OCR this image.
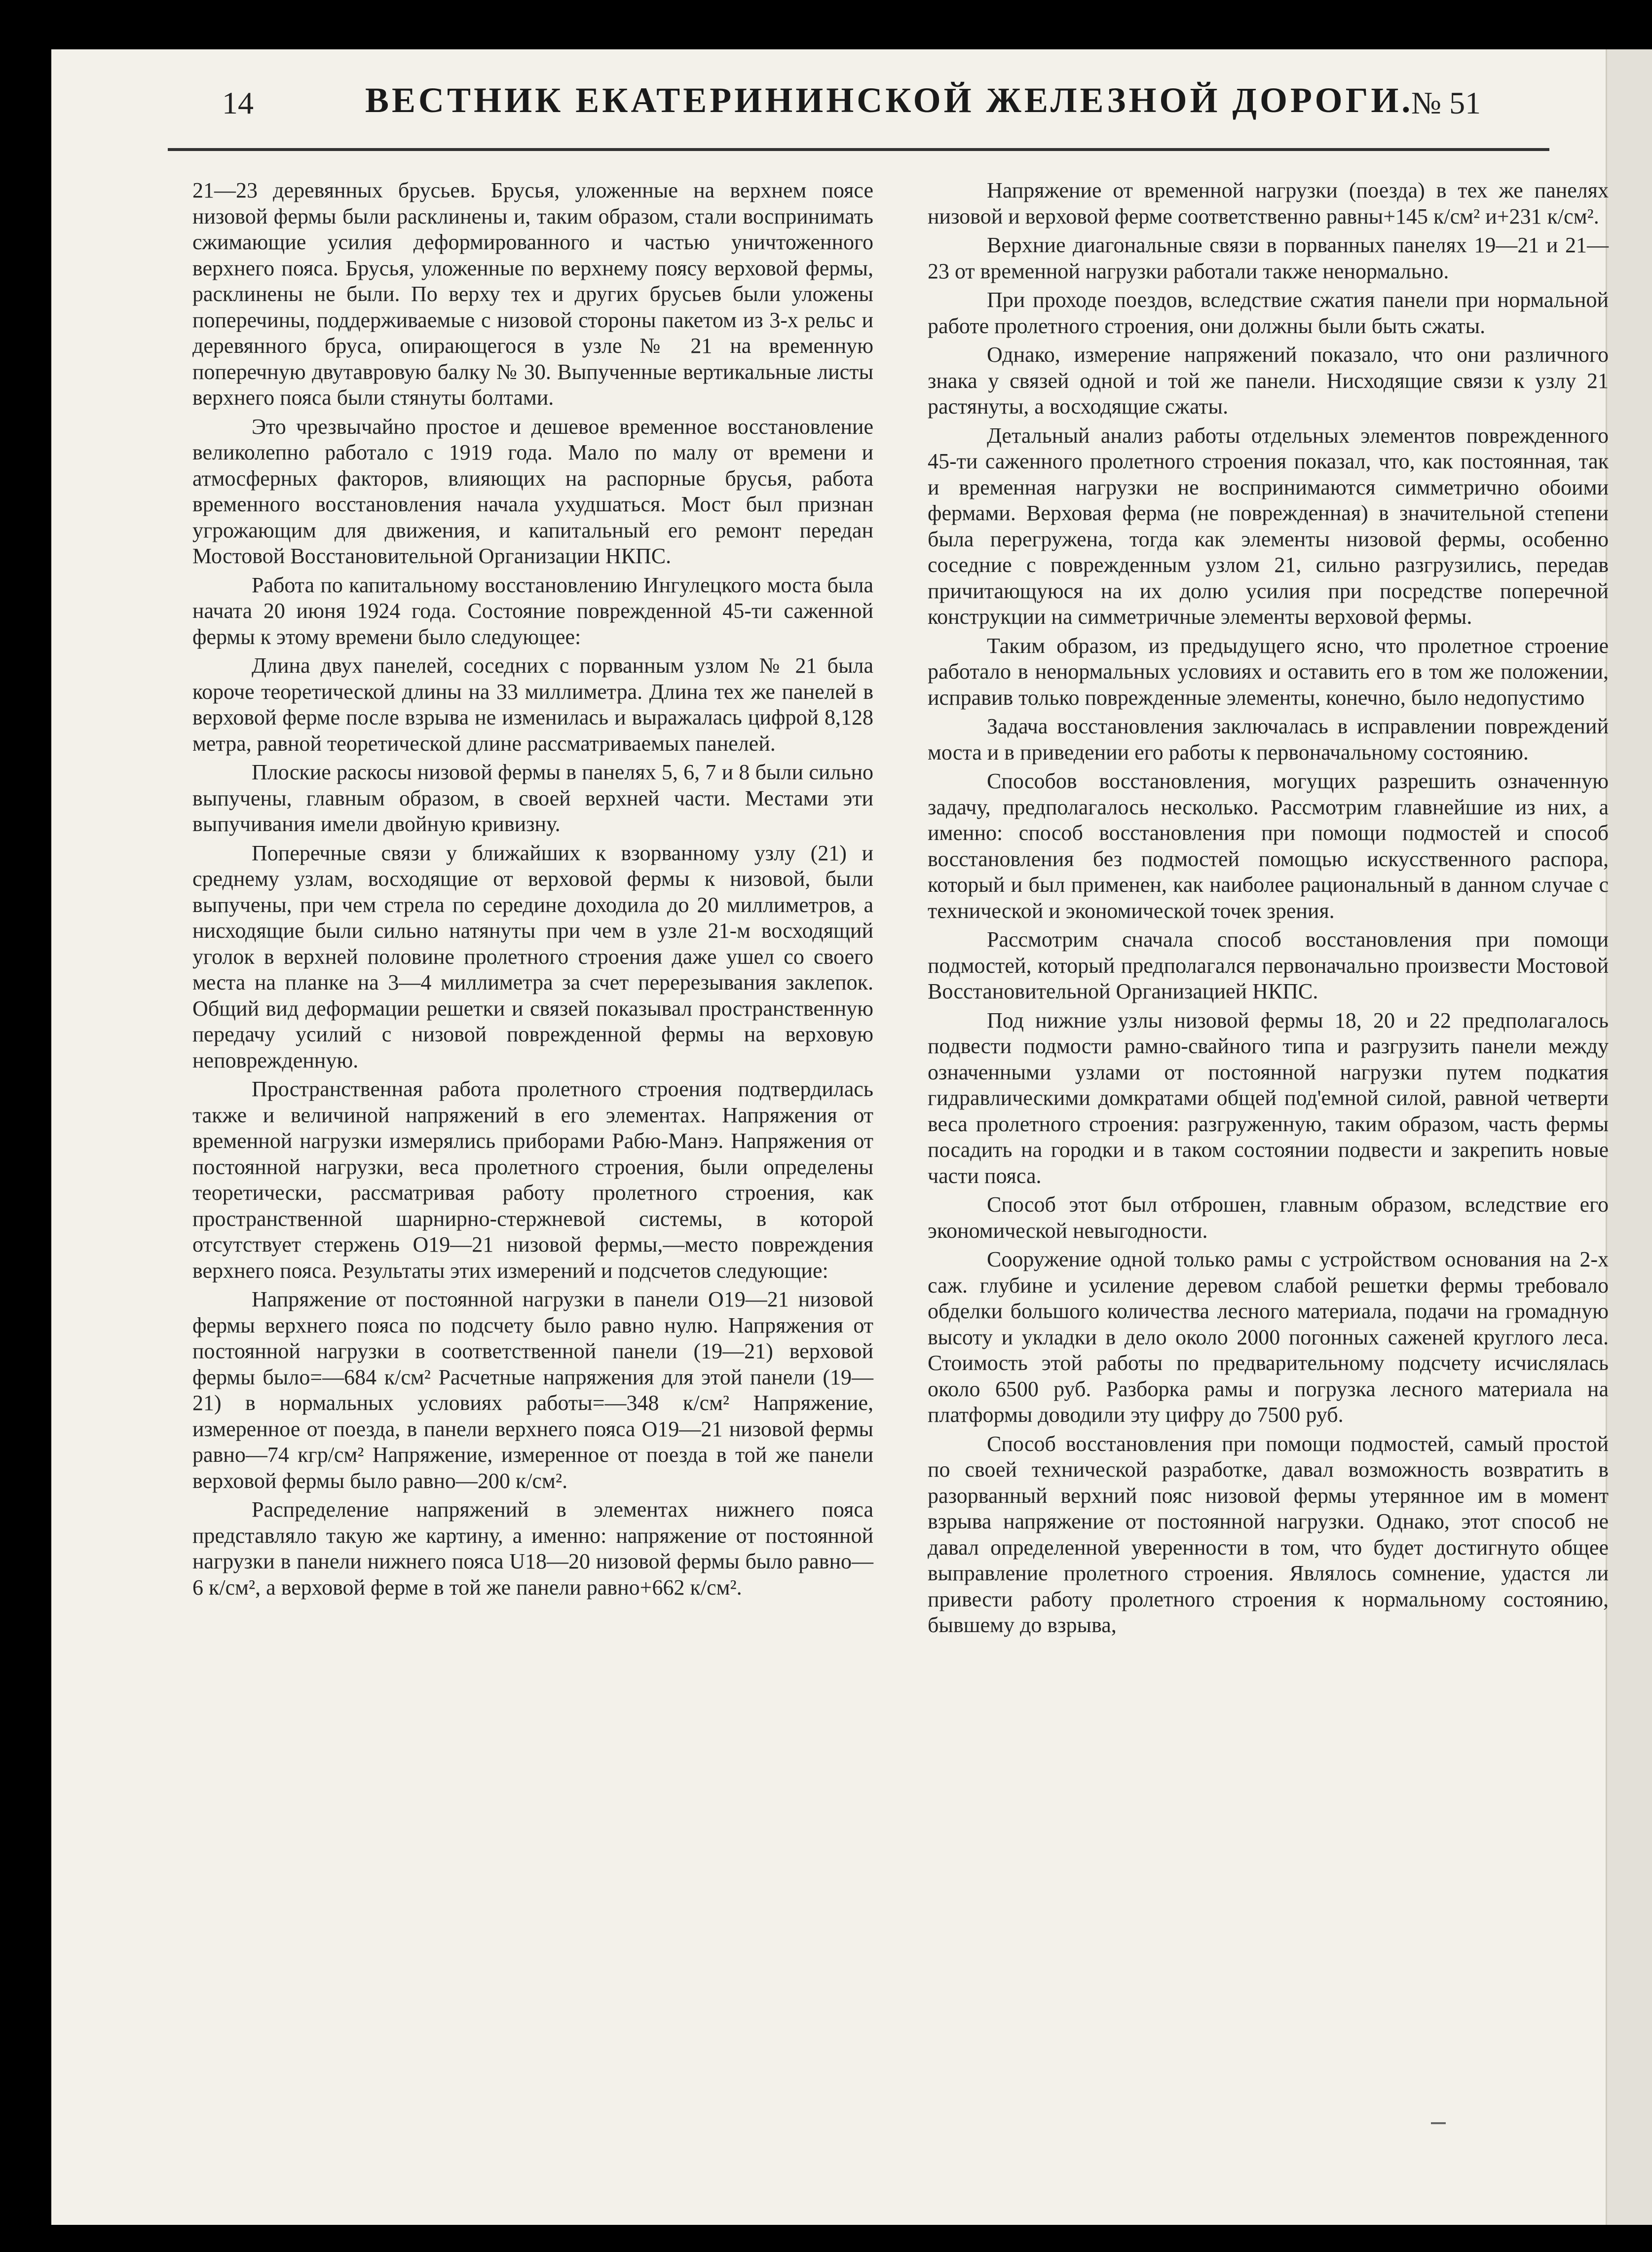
14	ВЕСТНИК ЕКАТЕРИНИНСКОЙ ЖЕЛЕЗНОЙ ДОРОГИ.
№ 51

21—23 деревянных брусьев. Брусья, уложенные на верхнем поясе низовой фермы были расклинены и, таким образом, стали воспринимать сжимающие усилия деформированного и частью уничтоженного верхнего пояса. Брусья, уложенные по верхнему поясу верховой фермы, расклинены не были. По верху тех и других брусьев были уложены поперечины, поддерживаемые с низовой стороны пакетом из 3-х рельс и деревянного бруса, опирающегося в узле № 21 на временную поперечную двутавровую балку № 30. Выпученные вертикальные листы верхнего пояса были стянуты болтами.

Это чрезвычайно простое и дешевое временное восстановление великолепно работало с 1919 года. Мало по малу от времени и атмосферных факторов, влияющих на распорные брусья, работа временного восстановления начала ухудшаться. Мост был признан угрожающим для движения, и капитальный его ремонт передан Мостовой Восстановительной Организации НКПС.

Работа по капитальному восстановлению Ингулецкого моста была начата 20 июня 1924 года. Состояние поврежденной 45-ти саженной фермы к этому времени было следующее:

Длина двух панелей, соседних с порванным узлом № 21 была короче теоретической длины на 33 миллиметра. Длина тех же панелей в верховой ферме после взрыва не изменилась и выражалась цифрой 8,128 метра, равной теоретической длине рассматриваемых панелей.

Плоские раскосы низовой фермы в панелях 5, 6, 7 и 8 были сильно выпучены, главным образом, в своей верхней части. Местами эти выпучивания имели двойную кривизну.

Поперечные связи у ближайших к взорванному узлу (21) и среднему узлам, восходящие от верховой фермы к низовой, были выпучены, при чем стрела по середине доходила до 20 миллиметров, а нисходящие были сильно натянуты при чем в узле 21-м восходящий уголок в верхней половине пролетного строения даже ушел со своего места на планке на 3—4 миллиметра за счет перерезывания заклепок. Общий вид деформации решетки и связей показывал пространственную передачу усилий с низовой поврежденной фермы на верховую неповрежденную.

Пространственная работа пролетного строения подтвердилась также и величиной напряжений в его элементах. Напряжения от временной нагрузки измерялись приборами Рабю-Манэ. Напряжения от постоянной нагрузки, веса пролетного строения, были определены теоретически, рассматривая работу пролетного строения, как пространственной шарнирно-стержневой системы, в которой отсутствует стержень O19—21 низовой фермы,—место повреждения верхнего пояса. Результаты этих измерений и подсчетов следующие:

Напряжение от постоянной нагрузки в панели O19—21 низовой фермы верхнего пояса по подсчету было равно нулю. Напряжения от постоянной нагрузки в соответственной панели (19—21) верховой фермы было=—684 к/см² Расчетные напряжения для этой панели (19—21) в нормальных условиях работы=—348 к/см² Напряжение, измеренное от поезда, в панели верхнего пояса O19—21 низовой фермы равно—74 кгр/см² Напряжение, измеренное от поезда в той же панели верховой фермы было равно—200 к/см².

Распределение напряжений в элементах нижнего пояса представляло такую же картину, а именно: напряжение от постоянной нагрузки в панели нижнего пояса U18—20 низовой фермы было равно—6 к/см², а верховой ферме в той же панели равно+662 к/см².

Напряжение от временной нагрузки (поезда) в тех же панелях низовой и верховой ферме соответственно равны+145 к/см² и+231 к/см².

Верхние диагональные связи в порванных панелях 19—21 и 21—23 от временной нагрузки работали также ненормально.

При проходе поездов, вследствие сжатия панели при нормальной работе пролетного строения, они должны были быть сжаты.

Однако, измерение напряжений показало, что они различного знака у связей одной и той же панели. Нисходящие связи к узлу 21 растянуты, а восходящие сжаты.

Детальный анализ работы отдельных элементов поврежденного 45-ти саженного пролетного строения показал, что, как постоянная, так и временная нагрузки не воспринимаются симметрично обоими фермами. Верховая ферма (не поврежденная) в значительной степени была перегружена, тогда как элементы низовой фермы, особенно соседние с поврежденным узлом 21, сильно разгрузились, передав причитающуюся на их долю усилия при посредстве поперечной конструкции на симметричные элементы верховой фермы.

Таким образом, из предыдущего ясно, что пролетное строение работало в ненормальных условиях и оставить его в том же положении, исправив только поврежденные элементы, конечно, было недопустимо

Задача восстановления заключалась в исправлении повреждений моста и в приведении его работы к первоначальному состоянию.

Способов восстановления, могущих разрешить означенную задачу, предполагалось несколько. Рассмотрим главнейшие из них, а именно: способ восстановления при помощи подмостей и способ восстановления без подмостей помощью искусственного распора, который и был применен, как наиболее рациональный в данном случае с технической и экономической точек зрения.

Рассмотрим сначала способ восстановления при помощи подмостей, который предполагался первоначально произвести Мостовой Восстановительной Организацией НКПС.

Под нижние узлы низовой фермы 18, 20 и 22 предполагалось подвести подмости рамно-свайного типа и разгрузить панели между означенными узлами от постоянной нагрузки путем подкатия гидравлическими домкратами общей под'емной силой, равной четверти веса пролетного строения: разгруженную, таким образом, часть фермы посадить на городки и в таком состоянии подвести и закрепить новые части пояса.

Способ этот был отброшен, главным образом, вследствие его экономической невыгодности.

Сооружение одной только рамы с устройством основания на 2-х саж. глубине и усиление деревом слабой решетки фермы требовало обделки большого количества лесного материала, подачи на громадную высоту и укладки в дело около 2000 погонных саженей круглого леса. Стоимость этой работы по предварительному подсчету исчислялась около 6500 руб. Разборка рамы и погрузка лесного материала на платформы доводили эту цифру до 7500 руб.

Способ восстановления при помощи подмостей, самый простой по своей технической разработке, давал возможность возвратить в разорванный верхний пояс низовой фермы утерянное им в момент взрыва напряжение от постоянной нагрузки. Однако, этот способ не давал определенной уверенности в том, что будет достигнуто общее выправление пролетного строения. Являлось сомнение, удастся ли привести работу пролетного строения к нормальному состоянию, бывшему до взрыва,
